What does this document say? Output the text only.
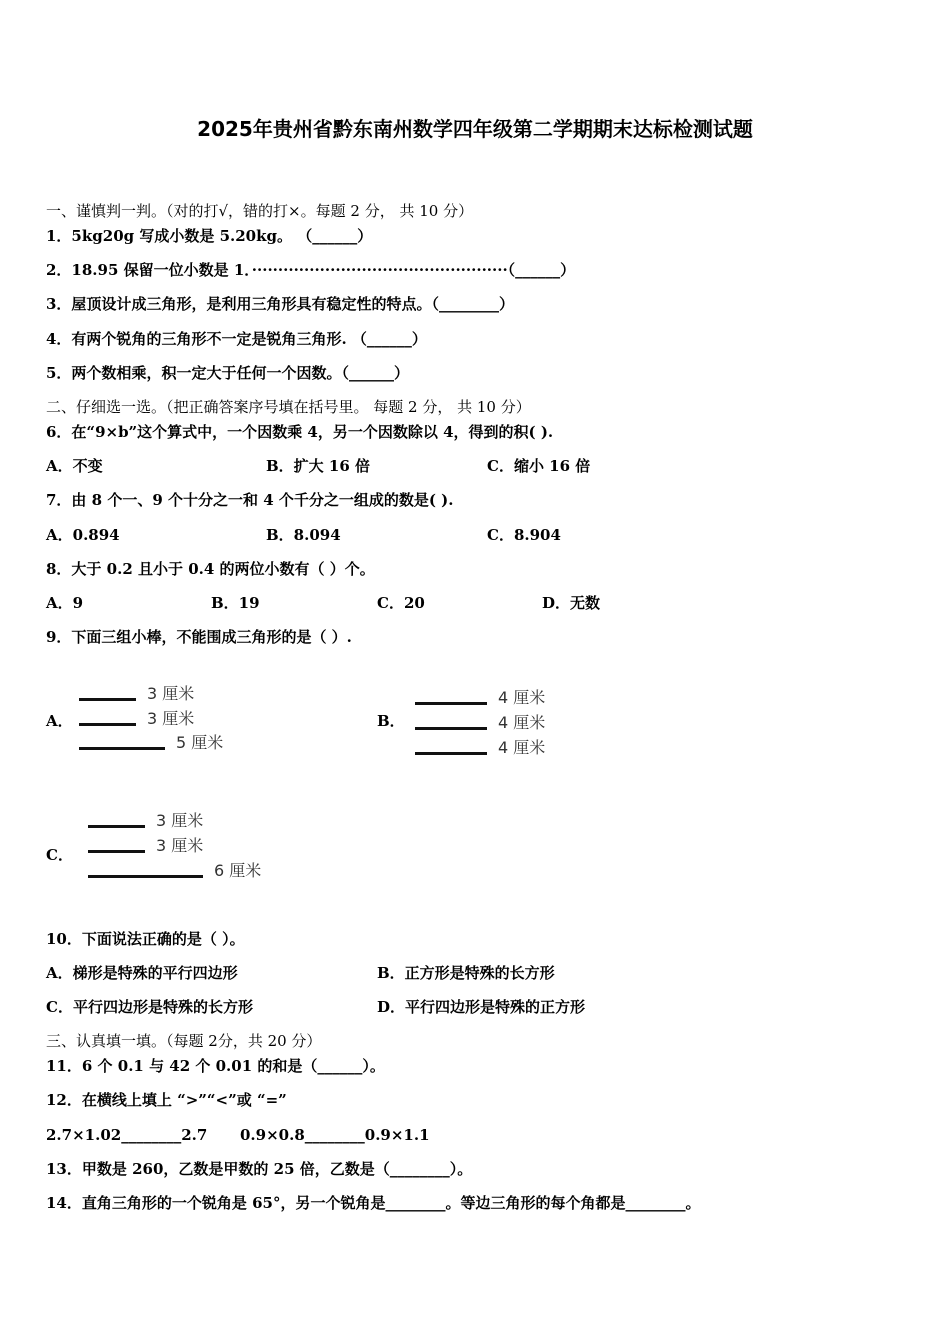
2025年贵州省黔东南州数学四年级第二学期期末达标检测试题
一、谨慎判一判。（对的打√，错的打×。每题 2 分， 共 10 分）
1．5kg20g 写成小数是 5.20kg。 （______）
2．18.95 保留一位小数是 1．·················································（______）
3．屋顶设计成三角形，是利用三角形具有稳定性的特点。（________）
4．有两个锐角的三角形不一定是锐角三角形. （______）
5．两个数相乘，积一定大于任何一个因数。（______）
二、仔细选一选。（把正确答案序号填在括号里。 每题 2 分， 共 10 分）
6．在“9×b”这个算式中，一个因数乘 4，另一个因数除以 4，得到的积( ).
A．不变	B．扩大 16 倍	C．缩小 16 倍
7．由 8 个一、9 个十分之一和 4 个千分之一组成的数是( ).
A．0.894	B．8.094	C．8.904
8．大于 0.2 且小于 0.4 的两位小数有（ ）个。
A．9	B．19	C．20	D．无数
9．下面三组小棒，不能围成三角形的是（ ）.
A．
3 厘米
3 厘米
5 厘米
B．
4 厘米
4 厘米
4 厘米
C．
3 厘米
3 厘米
6 厘米
10．下面说法正确的是（ ）。
A．梯形是特殊的平行四边形	B．正方形是特殊的长方形
C．平行四边形是特殊的长方形	D．平行四边形是特殊的正方形
三、认真填一填。（每题 2分，共 20 分）
11．6 个 0.1 与 42 个 0.01 的和是（______）。
12．在横线上填上 “>”“<”或 “=”
2.7×1.02________2.7 0.9×0.8________0.9×1.1
13．甲数是 260，乙数是甲数的 25 倍，乙数是（________）。
14．直角三角形的一个锐角是 65°，另一个锐角是________。等边三角形的每个角都是________。
